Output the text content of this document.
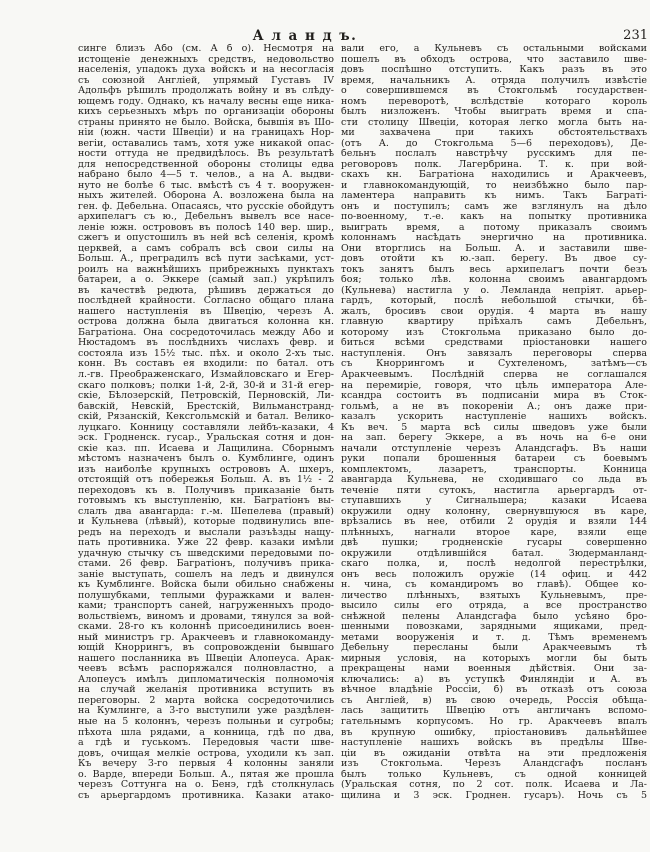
А л а н д ъ.	231
синге близъ Або (см. А б о). Несмотря на
истощеніе денежныхъ средствъ, недовольство
населенія, упадокъ духа войскъ и на несогласія
съ союзной Англіей, упрямый Густавъ IV
Адольфъ рѣшилъ продолжать войну и въ слѣду-
ющемъ году. Однако, къ началу весны еще ника-
кихъ серьезныхъ мѣръ по организаціи обороны
страны принято не было. Войска, бывшія въ Шо-
ніи (южн. части Швеціи) и на границахъ Нор-
вегіи, оставались тамъ, хотя уже никакой опас-
ности оттуда не предвидѣлось. Въ результатѣ
для непосредственной обороны столицы едва
набрано было 4—5 т. челов., а на А. выдви-
нуто не болѣе 6 тыс. вмѣстѣ съ 4 т. вооружен-
ныхъ жителей. Оборона А. возложена была на
ген. ф. Дебельна. Опасаясь, что русскіе обойдутъ
архипелагъ съ ю., Дебельнъ вывелъ все насе-
леніе южн. острововъ въ полосѣ 140 вер. шир.,
сжегъ и опустошилъ въ ней всѣ селенія, кромѣ
церквей, а самъ собралъ всѣ свои силы на
Больш. А., преградилъ всѣ пути засѣками, уст-
роилъ на важнѣйшихъ прибрежныхъ пунктахъ
батареи, а о. Эккере (самый зап.) укрѣпилъ
въ качествѣ редюта, рѣшивъ держаться до
послѣдней крайности. Согласно общаго плана
нашего наступленія въ Швецію, черезъ А.
острова должна была двигаться колонна кн.
Багратіона. Она сосредоточилась между Або и
Нюстадомъ въ послѣднихъ числахъ февр. и
состояла изъ 15½ тыс. пѣх. и около 2-хъ тыс.
конн. Въ составъ ея входили: по батал. отъ
л.-гв. Преображенскаго, Измайловскаго и Егер-
скаго полковъ; полки 1-й, 2-й, 30-й и 31-й егер-
скіе, Бѣлозерскій, Петровскій, Перновскій, Ли-
бавскій, Невскій, Брестскій, Вильманстранд-
скій, Рязанскій, Кексгольмскій и батал. Велико-
луцкаго. Конницу составляли лейбъ-казаки, 4
эск. Гродненск. гусар., Уральская сотня и дон-
скіе каз. пп. Исаева и Лащилина. Сборнымъ
мѣстомъ назначенъ былъ о. Кумблинге, одинъ
изъ наиболѣе крупныхъ острововъ А. шхеръ,
отстоящій отъ побережья Больш. А. въ 1½ - 2
переходовъ къ в. Получивъ приказаніе быть
готовымъ къ выступленію, кн. Багратіонъ вы-
слалъ два авангарда: г.-м. Шепелева (правый)
и Кульнева (лѣвый), которые подвинулись впе-
редъ на переходъ и выслали разъѣзды нащу-
пать противника. Уже 22 февр. казаки имѣли
удачную стычку съ шведскими передовыми по-
стами. 26 февр. Багратіонъ, получивъ прика-
заніе выступать, сошелъ на ледъ и двинулся
къ Кумблинге. Войска были обильно снабжены
полушубками, теплыми фуражками и вален-
ками; транспортъ саней, нагруженныхъ продо-
вольствіемъ, виномъ и дровами, тянулся за вой-
сками. 28-го къ колоннѣ присоединились воен-
ный министръ гр. Аракчеевъ и главнокоманду-
ющій Кноррингъ, въ сопровожденіи бывшаго
нашего посланника въ Швеціи Алопеуса. Арак-
чеевъ всѣмъ распоряжался полновластно, а
Алопеусъ имѣлъ дипломатическія полномочія
на случай желанія противника вступить въ
переговоры. 2 марта войска сосредоточились
на Кумлинге, а 3-го выступили уже раздѣлен-
ные на 5 колоннъ, черезъ полыньи и сугробы;
пѣхота шла рядами, а конница, гдѣ по два,
а гдѣ и гуськомъ. Передовыя части шве-
довъ, очищая мелкіе острова, уходили къ зап.
Къ вечеру 3-го первыя 4 колонны заняли
о. Варде, впереди Больш. А., пятая же прошла
черезъ Соттунга на о. Бенэ, гдѣ столкнулась
съ арьергардомъ противника. Казаки атако-
вали его, а Кульневъ съ остальными войсками
пошелъ въ обходъ острова, что заставило шве-
довъ поспѣшно отступить. Какъ разъ въ это
время, начальникъ А. отряда получилъ извѣстіе
о совершившемся въ Стокгольмѣ государствен-
номъ переворотѣ, вслѣдствіе котораго король
былъ низложенъ. Чтобы выиграть время и спа-
сти столицу Швеціи, которая легко могла быть на-
ми захвачена при такихъ обстоятельствахъ
(отъ А. до Стокгольма 5—6 переходовъ), Де-
бельнъ послалъ навстрѣчу русскимъ для пе-
реговоровъ полк. Лагербрина. Т. к. при вой-
скахъ кн. Багратіона находились и Аракчеевъ,
и главнокомандующій, то неизбѣжно было пар-
ламентера направить къ нимъ. Такъ Баграті-
онъ и поступилъ; самъ же взглянулъ на дѣло
по-военному, т.-е. какъ на попытку противника
выиграть время, а потому приказалъ своимъ
колоннамъ насѣдать энергично на противника.
Они вторглись на Больш. А. и заставили шве-
довъ отойти къ ю.-зап. берегу. Въ двое су-
токъ занятъ былъ весь архипелагъ почти безъ
боя; только лѣв. колонна своимъ авангардомъ
(Кульнева) настигла у о. Лемланда непріят. арьер-
гардъ, который, послѣ небольшой стычки, бѣ-
жалъ, бросивъ свои орудія. 4 марта въ нашу
главную квартиру пріѣхалъ самъ Дебельнъ,
которому изъ Стокгольма приказано было до-
биться всѣми средствами пріостановки нашего
наступленія. Онъ завязалъ переговоры сперва
съ Кноррингомъ и Сухтеленомъ, затѣмъ—съ
Аракчеевымъ. Послѣдній сперва не соглашался
на перемиріе, говоря, что цѣль императора Але-
ксандра состоитъ въ подписаніи мира въ Сток-
гольмѣ, а не въ покореніи А.; онъ даже при-
казалъ ускорить наступленіе нашихъ войскъ.
Къ веч. 5 марта всѣ силы шведовъ уже были
на зап. берегу Эккере, а въ ночь на 6-е они
начали отступленіе черезъ Аландсгафъ. Въ наши
руки попали брошенныя батареи съ боевымъ
комплектомъ, лазаретъ, транспорты. Конница
авангарда Кульнева, не сходившаго со льда въ
теченіе пяти сутокъ, настигла арьергардъ от-
ступавшихъ у Сигнальшера; казаки Исаева
окружили одну колонну, свернувшуюся въ каре,
врѣзались въ нее, отбили 2 орудія и взяли 144
плѣнныхъ, нагнали второе каре, взяли еще
двѣ пушки; гродненскіе гусары совершенно
окружили отдѣлившійся батал. Зюдерманланд-
скаго полка, и, послѣ недолгой перестрѣлки,
онъ весь положилъ оружіе (14 офиц. и 442
н. чина, съ командиромъ во главѣ). Общее ко-
личество плѣнныхъ, взятыхъ Кульневымъ, пре-
высило силы его отряда, а все пространство
снѣжной пелены Аландсгафа было усѣяно бро-
шенными повозками, зарядными ящиками, пред-
метами вооруженія и т. д. Тѣмъ временемъ
Дебельну пересланы были Аракчеевымъ тѣ
мирныя условія, на которыхъ могли бы быть
прекращены нами военныя дѣйствія. Они за-
ключались: а) въ уступкѣ Финляндіи и А. въ
вѣчное владѣніе Россіи, б) въ отказѣ отъ союза
съ Англіей, в) въ свою очередь, Россія обѣща-
лась защитить Швецію отъ англичанъ вспомо-
гательнымъ корпусомъ. Но гр. Аракчеевъ впалъ
въ крупную ошибку, пріостановивъ дальнѣйшее
наступленіе нашихъ войскъ въ предѣлы Шве-
ціи въ ожиданіи отвѣта на эти предложенія
изъ Стокгольма. Черезъ Аландсгафъ посланъ
былъ только Кульневъ, съ одной конницей
(Уральская сотня, по 2 сот. полк. Исаева и Ла-
щилина и 3 эск. Гроднен. гусаръ). Ночь съ 5
